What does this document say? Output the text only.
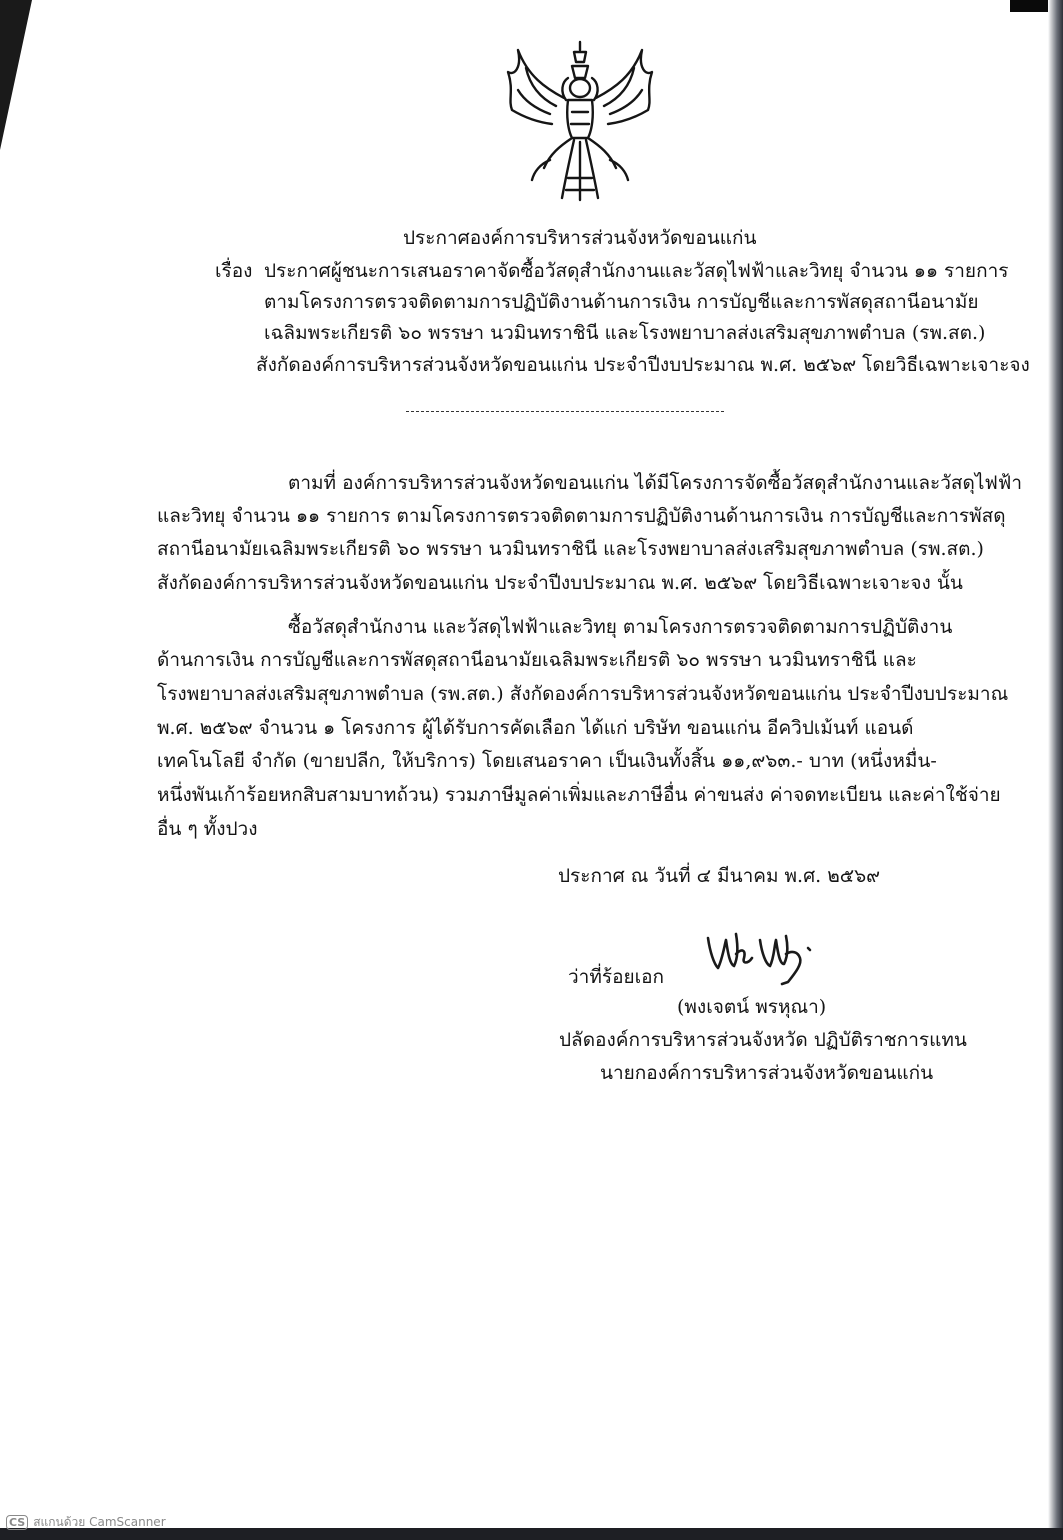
ประกาศองค์การบริหารส่วนจังหวัดขอนแก่น
เรื่อง ประกาศผู้ชนะการเสนอราคาจัดซื้อวัสดุสำนักงานและวัสดุไฟฟ้าและวิทยุ จำนวน ๑๑ รายการ
ตามโครงการตรวจติดตามการปฏิบัติงานด้านการเงิน การบัญชีและการพัสดุสถานีอนามัย
เฉลิมพระเกียรติ ๖๐ พรรษา นวมินทราชินี และโรงพยาบาลส่งเสริมสุขภาพตำบล (รพ.สต.)
สังกัดองค์การบริหารส่วนจังหวัดขอนแก่น ประจำปีงบประมาณ พ.ศ. ๒๕๖๙ โดยวิธีเฉพาะเจาะจง
ตามที่ องค์การบริหารส่วนจังหวัดขอนแก่น ได้มีโครงการจัดซื้อวัสดุสำนักงานและวัสดุไฟฟ้า
และวิทยุ จำนวน ๑๑ รายการ ตามโครงการตรวจติดตามการปฏิบัติงานด้านการเงิน การบัญชีและการพัสดุ
สถานีอนามัยเฉลิมพระเกียรติ ๖๐ พรรษา นวมินทราชินี และโรงพยาบาลส่งเสริมสุขภาพตำบล (รพ.สต.)
สังกัดองค์การบริหารส่วนจังหวัดขอนแก่น ประจำปีงบประมาณ พ.ศ. ๒๕๖๙ โดยวิธีเฉพาะเจาะจง นั้น
ซื้อวัสดุสำนักงาน และวัสดุไฟฟ้าและวิทยุ ตามโครงการตรวจติดตามการปฏิบัติงาน
ด้านการเงิน การบัญชีและการพัสดุสถานีอนามัยเฉลิมพระเกียรติ ๖๐ พรรษา นวมินทราชินี และ
โรงพยาบาลส่งเสริมสุขภาพตำบล (รพ.สต.) สังกัดองค์การบริหารส่วนจังหวัดขอนแก่น ประจำปีงบประมาณ
พ.ศ. ๒๕๖๙ จำนวน ๑ โครงการ ผู้ได้รับการคัดเลือก ได้แก่ บริษัท ขอนแก่น อีควิปเม้นท์ แอนด์
เทคโนโลยี จำกัด (ขายปลีก, ให้บริการ) โดยเสนอราคา เป็นเงินทั้งสิ้น ๑๑,๙๖๓.- บาท (หนึ่งหมื่น-
หนึ่งพันเก้าร้อยหกสิบสามบาทถ้วน) รวมภาษีมูลค่าเพิ่มและภาษีอื่น ค่าขนส่ง ค่าจดทะเบียน และค่าใช้จ่าย
อื่น ๆ ทั้งปวง
ประกาศ ณ วันที่ ๔ มีนาคม พ.ศ. ๒๕๖๙
ว่าที่ร้อยเอก
(พงเจตน์ พรหุณา)
ปลัดองค์การบริหารส่วนจังหวัด ปฏิบัติราชการแทน
นายกองค์การบริหารส่วนจังหวัดขอนแก่น
CS สแกนด้วย CamScanner
